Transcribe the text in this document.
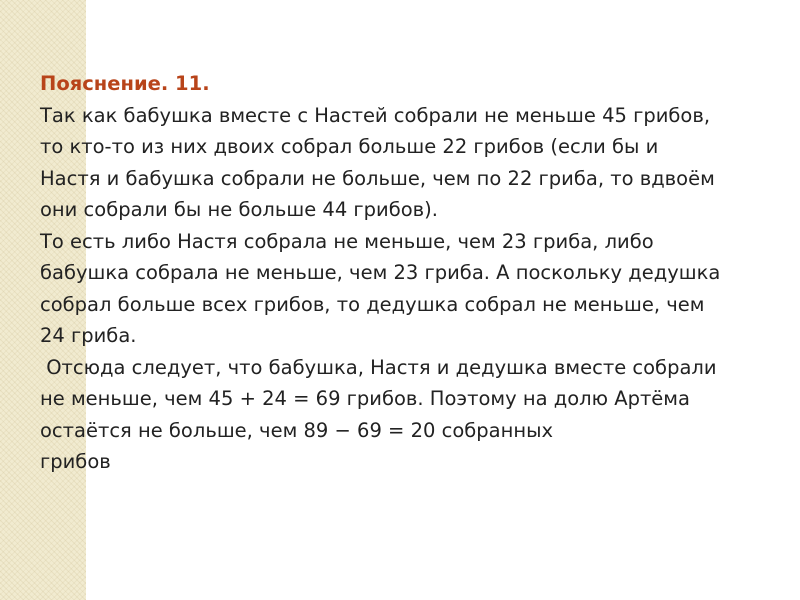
Пояснение. 11.
Так как бабушка вместе с Настей собрали не меньше 45 грибов,
то кто-то из них двоих собрал больше 22 грибов (если бы и
Настя и бабушка собрали не больше, чем по 22 гриба, то вдвоём
они собрали бы не больше 44 грибов).
То есть либо Настя собрала не меньше, чем 23 гриба, либо
бабушка собрала не меньше, чем 23 гриба. А поскольку дедушка
собрал больше всех грибов, то дедушка собрал не меньше, чем
24 гриба.
Отсюда следует, что бабушка, Настя и дедушка вместе собрали
не меньше, чем 45 + 24 = 69 грибов. Поэтому на долю Артёма
остаётся не больше, чем 89 − 69 = 20 собранных
грибов
